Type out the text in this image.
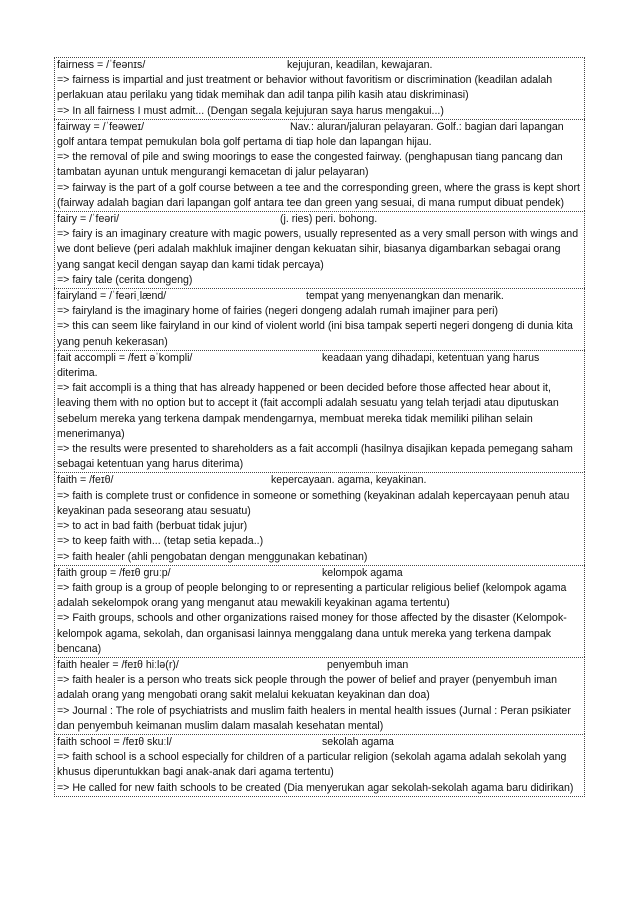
fairness = /ˈfeənɪs/	kejujuran, keadilan, kewajaran.
=> fairness is impartial and just treatment or behavior without favoritism or discrimination (keadilan adalah perlakuan atau perilaku yang tidak memihak dan adil tanpa pilih kasih atau diskriminasi)
=> In all fairness I must admit... (Dengan segala kejujuran saya harus mengakui...)
fairway = /ˈfeəweɪ/	Nav.: aluran/jaluran pelayaran. Golf.: bagian dari lapangan golf antara tempat pemukulan bola golf pertama di tiap hole dan lapangan hijau.
=> the removal of pile and swing moorings to ease the congested fairway. (penghapusan tiang pancang dan tambatan ayunan untuk mengurangi kemacetan di jalur pelayaran)
=> fairway is the part of a golf course between a tee and the corresponding green, where the grass is kept short (fairway adalah bagian dari lapangan golf antara tee dan green yang sesuai, di mana rumput dibuat pendek)
fairy = /ˈfeəri/	(j. ries) peri. bohong.
=> fairy is an imaginary creature with magic powers, usually represented as a very small person with wings and we dont believe (peri adalah makhluk imajiner dengan kekuatan sihir, biasanya digambarkan sebagai orang yang sangat kecil dengan sayap dan kami tidak percaya)
=> fairy tale (cerita dongeng)
fairyland = /ˈfeəriˌlænd/	tempat yang menyenangkan dan menarik.
=> fairyland is the imaginary home of fairies (negeri dongeng adalah rumah imajiner para peri)
=> this can seem like fairyland in our kind of violent world (ini bisa tampak seperti negeri dongeng di dunia kita yang penuh kekerasan)
fait accompli = /feɪt əˈkompli/	keadaan yang dihadapi, ketentuan yang harus diterima.
=> fait accompli is a thing that has already happened or been decided before those affected hear about it, leaving them with no option but to accept it (fait accompli adalah sesuatu yang telah terjadi atau diputuskan sebelum mereka yang terkena dampak mendengarnya, membuat mereka tidak memiliki pilihan selain menerimanya)
=> the results were presented to shareholders as a fait accompli (hasilnya disajikan kepada pemegang saham sebagai ketentuan yang harus diterima)
faith = /feɪθ/	kepercayaan. agama, keyakinan.
=> faith is complete trust or confidence in someone or something (keyakinan adalah kepercayaan penuh atau keyakinan pada seseorang atau sesuatu)
=> to act in bad faith (berbuat tidak jujur)
=> to keep faith with... (tetap setia kepada..)
=> faith healer (ahli pengobatan dengan menggunakan kebatinan)
faith group = /feɪθ ɡruːp/	kelompok agama
=> faith group is a group of people belonging to or representing a particular religious belief (kelompok agama adalah sekelompok orang yang menganut atau mewakili keyakinan agama tertentu)
=> Faith groups, schools and other organizations raised money for those affected by the disaster (Kelompok-kelompok agama, sekolah, dan organisasi lainnya menggalang dana untuk mereka yang terkena dampak bencana)
faith healer = /feɪθ hiːlə(r)/	penyembuh iman
=> faith healer is a person who treats sick people through the power of belief and prayer (penyembuh iman adalah orang yang mengobati orang sakit melalui kekuatan keyakinan dan doa)
=> Journal : The role of psychiatrists and muslim faith healers in mental health issues (Jurnal : Peran psikiater dan penyembuh keimanan muslim dalam masalah kesehatan mental)
faith school = /feɪθ skuːl/	sekolah agama
=> faith school is a school especially for children of a particular religion (sekolah agama adalah sekolah yang khusus diperuntukkan bagi anak-anak dari agama tertentu)
=> He called for new faith schools to be created (Dia menyerukan agar sekolah-sekolah agama baru didirikan)
